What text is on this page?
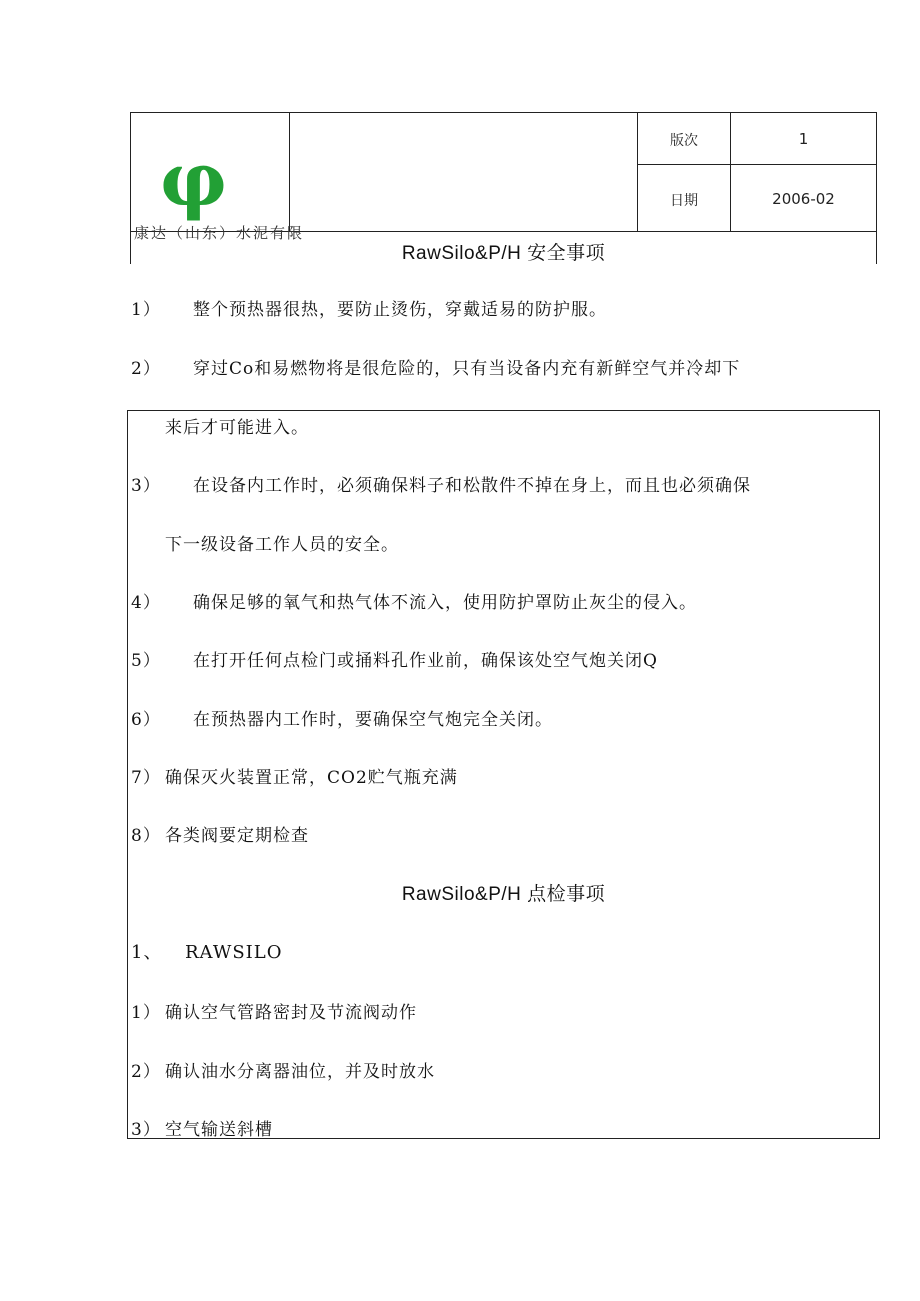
φ
康达（山东）水泥有限
版次	1
日期	2006-02
RawSilo&P/H 安全事项
1） 整个预热器很热，要防止烫伤，穿戴适易的防护服。
2） 穿过Co和易燃物将是很危险的，只有当设备内充有新鲜空气并冷却下
来后才可能进入。
3） 在设备内工作时，必须确保料子和松散件不掉在身上，而且也必须确保
下一级设备工作人员的安全。
4） 确保足够的氧气和热气体不流入，使用防护罩防止灰尘的侵入。
5） 在打开任何点检门或捅料孔作业前，确保该处空气炮关闭Q
6） 在预热器内工作时，要确保空气炮完全关闭。
7） 确保灭火装置正常，CO2贮气瓶充满
8） 各类阀要定期检查
RawSilo&P/H 点检事项
1、 RAWSILO
1） 确认空气管路密封及节流阀动作
2） 确认油水分离器油位，并及时放水
3） 空气输送斜槽
